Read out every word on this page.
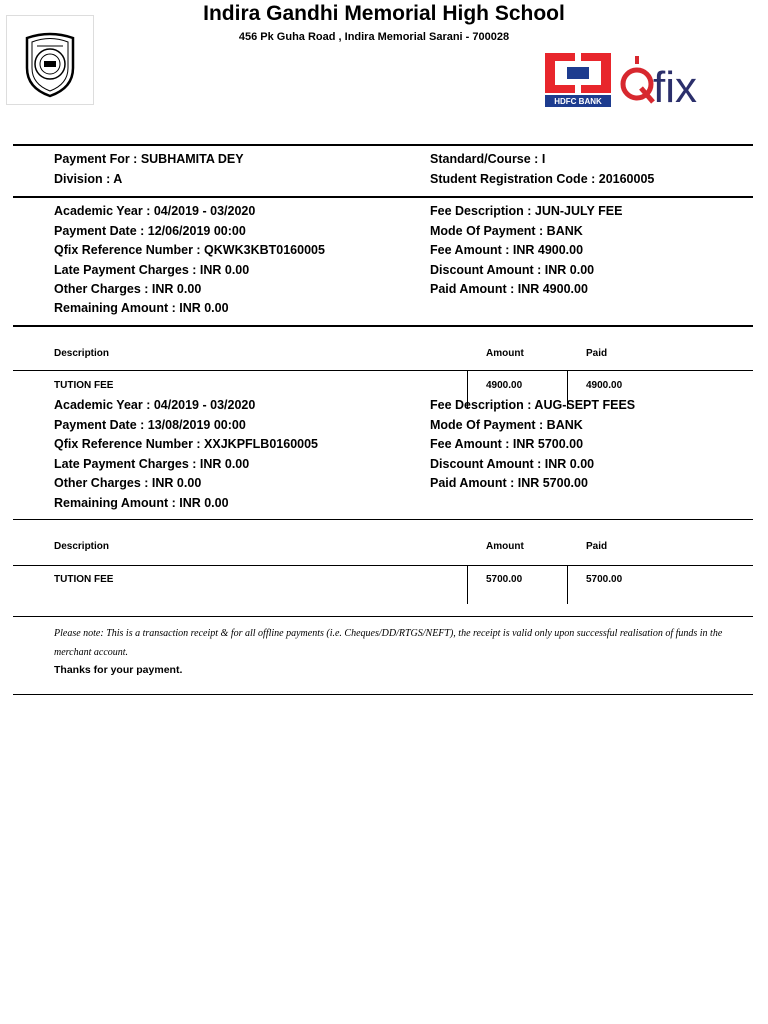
Indira Gandhi Memorial High School
456 Pk Guha Road , Indira Memorial Sarani - 700028
HDFC BANK fix
Payment For : SUBHAMITA DEY	Standard/Course : I
Division : A	Student Registration Code : 20160005
Academic Year : 04/2019 - 03/2020
Payment Date : 12/06/2019 00:00
Qfix Reference Number : QKWK3KBT0160005
Late Payment Charges : INR 0.00
Other Charges : INR 0.00
Remaining Amount : INR 0.00
Fee Description : JUN-JULY FEE
Mode Of Payment : BANK
Fee Amount : INR 4900.00
Discount Amount : INR 0.00
Paid Amount : INR 4900.00
Description	Amount	Paid
TUTION FEE	4900.00	4900.00
Academic Year : 04/2019 - 03/2020
Payment Date : 13/08/2019 00:00
Qfix Reference Number : XXJKPFLB0160005
Late Payment Charges : INR 0.00
Other Charges : INR 0.00
Remaining Amount : INR 0.00
Fee Description : AUG-SEPT FEES
Mode Of Payment : BANK
Fee Amount : INR 5700.00
Discount Amount : INR 0.00
Paid Amount : INR 5700.00
Description	Amount	Paid
TUTION FEE	5700.00	5700.00
Please note: This is a transaction receipt & for all offline payments (i.e. Cheques/DD/RTGS/NEFT), the receipt is valid only upon successful realisation of funds in the merchant account.
Thanks for your payment.
